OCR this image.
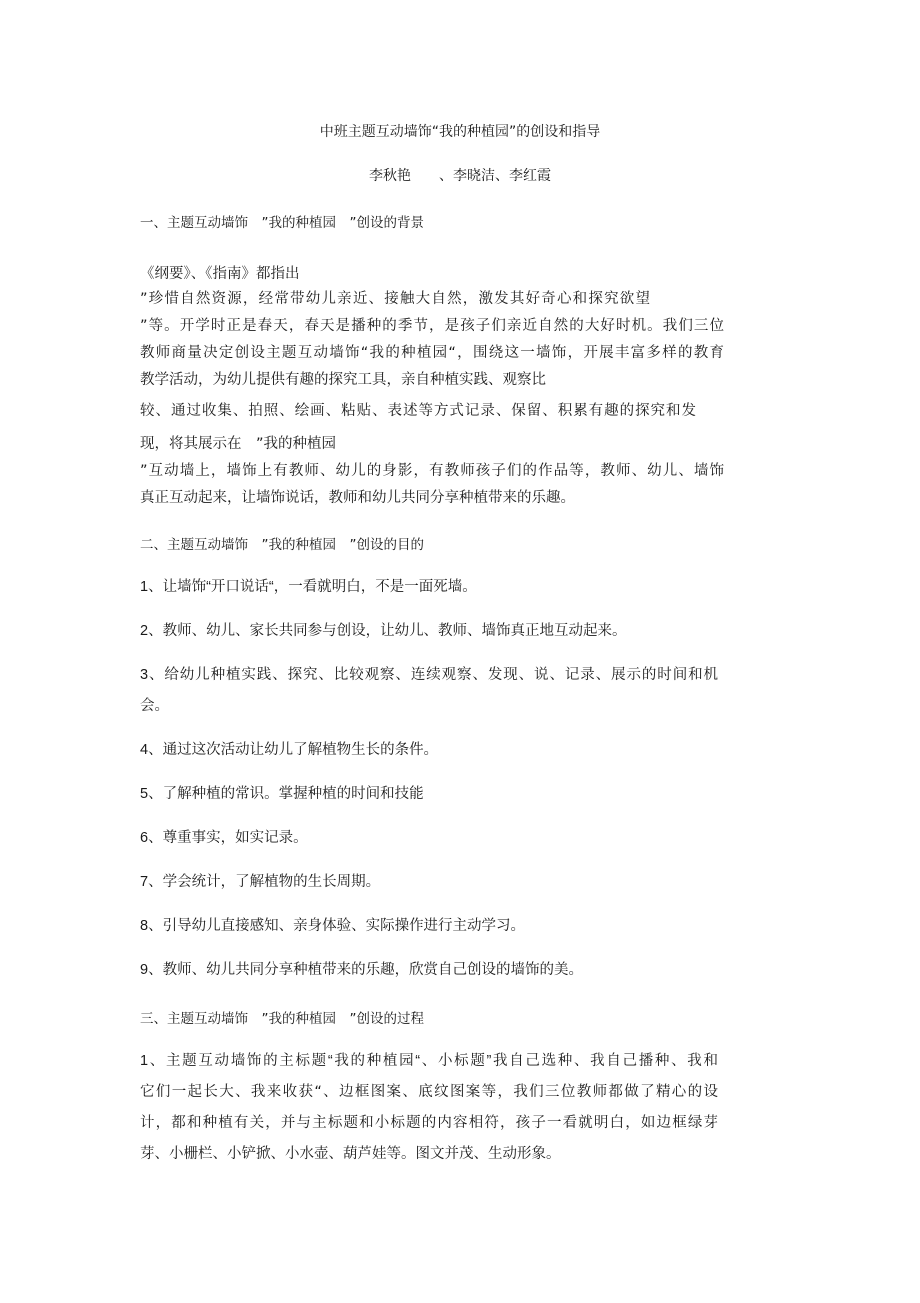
中班主题互动墙饰“我的种植园”的创设和指导

李秋艳　　、李晓洁、李红霞

一、主题互动墙饰　”我的种植园　”创设的背景

《纲要》、《指南》都指出

”珍惜自然资源，经常带幼儿亲近、接触大自然，激发其好奇心和探究欲望

”等。开学时正是春天，春天是播种的季节，是孩子们亲近自然的大好时机。我们三位

教师商量决定创设主题互动墙饰“我的种植园“，围绕这一墙饰，开展丰富多样的教育

教学活动，为幼儿提供有趣的探究工具，亲自种植实践、观察比

较、通过收集、拍照、绘画、粘贴、表述等方式记录、保留、积累有趣的探究和发

现，将其展示在　”我的种植园

”互动墙上，墙饰上有教师、幼儿的身影，有教师孩子们的作品等，教师、幼儿、墙饰

真正互动起来，让墙饰说话，教师和幼儿共同分享种植带来的乐趣。

二、主题互动墙饰　”我的种植园　”创设的目的

1、让墙饰“开口说话“，一看就明白，不是一面死墙。

2、教师、幼儿、家长共同参与创设，让幼儿、教师、墙饰真正地互动起来。

3、给幼儿种植实践、探究、比较观察、连续观察、发现、说、记录、展示的时间和机

会。

4、通过这次活动让幼儿了解植物生长的条件。

5、了解种植的常识。掌握种植的时间和技能

6、尊重事实，如实记录。

7、学会统计，了解植物的生长周期。

8、引导幼儿直接感知、亲身体验、实际操作进行主动学习。

9、教师、幼儿共同分享种植带来的乐趣，欣赏自己创设的墙饰的美。

三、主题互动墙饰　”我的种植园　”创设的过程

1、主题互动墙饰的主标题“我的种植园“、小标题”我自己选种、我自己播种、我和

它们一起长大、我来收获“、边框图案、底纹图案等，我们三位教师都做了精心的设

计，都和种植有关，并与主标题和小标题的内容相符，孩子一看就明白，如边框绿芽

芽、小栅栏、小铲掀、小水壶、葫芦娃等。图文并茂、生动形象。
